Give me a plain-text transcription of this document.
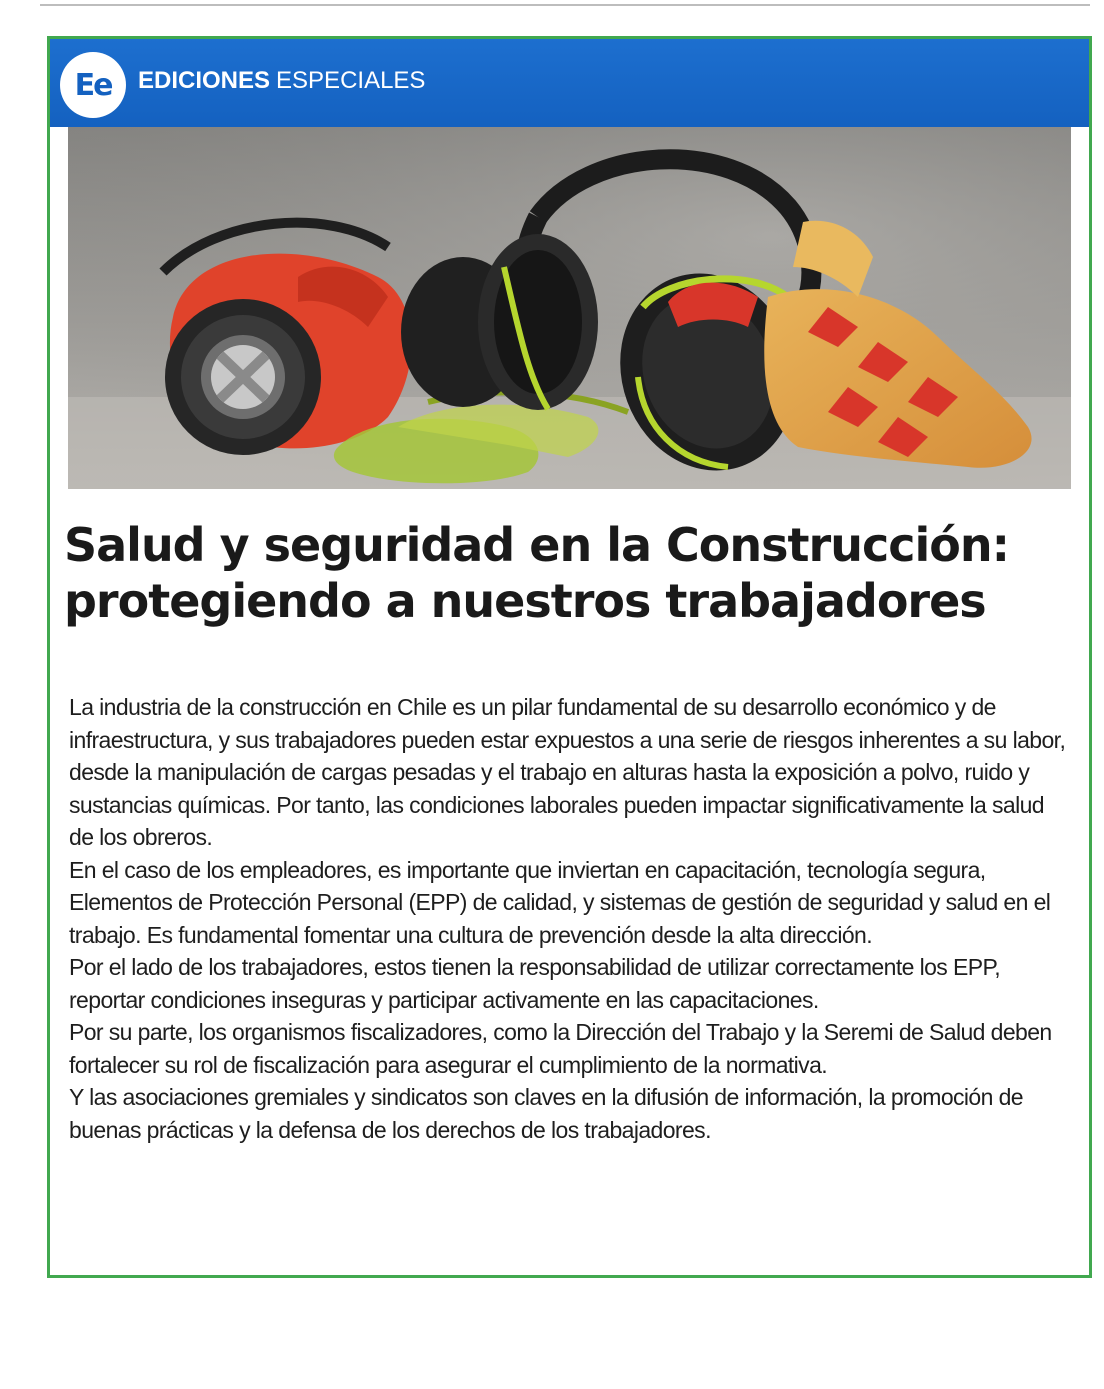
Ee	EDICIONES ESPECIALES
Salud y seguridad en la Construcción:
protegiendo a nuestros trabajadores

La industria de la construcción en Chile es un pilar fundamental de su desarrollo económico y de infraestructura, y sus trabajadores pueden estar expuestos a una serie de riesgos inherentes a su labor, desde la manipulación de cargas pesadas y el trabajo en alturas hasta la exposición a polvo, ruido y sustancias químicas. Por tanto, las condiciones laborales pueden impactar significativamente la salud de los obreros.

En el caso de los empleadores, es importante que inviertan en capacitación, tecnología segura, Elementos de Protección Personal (EPP) de calidad, y sistemas de gestión de seguridad y salud en el trabajo. Es fundamental fomentar una cultura de prevención desde la alta dirección.

Por el lado de los trabajadores, estos tienen la responsabilidad de utilizar correctamente los EPP, reportar condiciones inseguras y participar activamente en las capacitaciones.

Por su parte, los organismos fiscalizadores, como la Dirección del Trabajo y la Seremi de Salud deben fortalecer su rol de fiscalización para asegurar el cumplimiento de la normativa.

Y las asociaciones gremiales y sindicatos son claves en la difusión de información, la promoción de buenas prácticas y la defensa de los derechos de los trabajadores.
